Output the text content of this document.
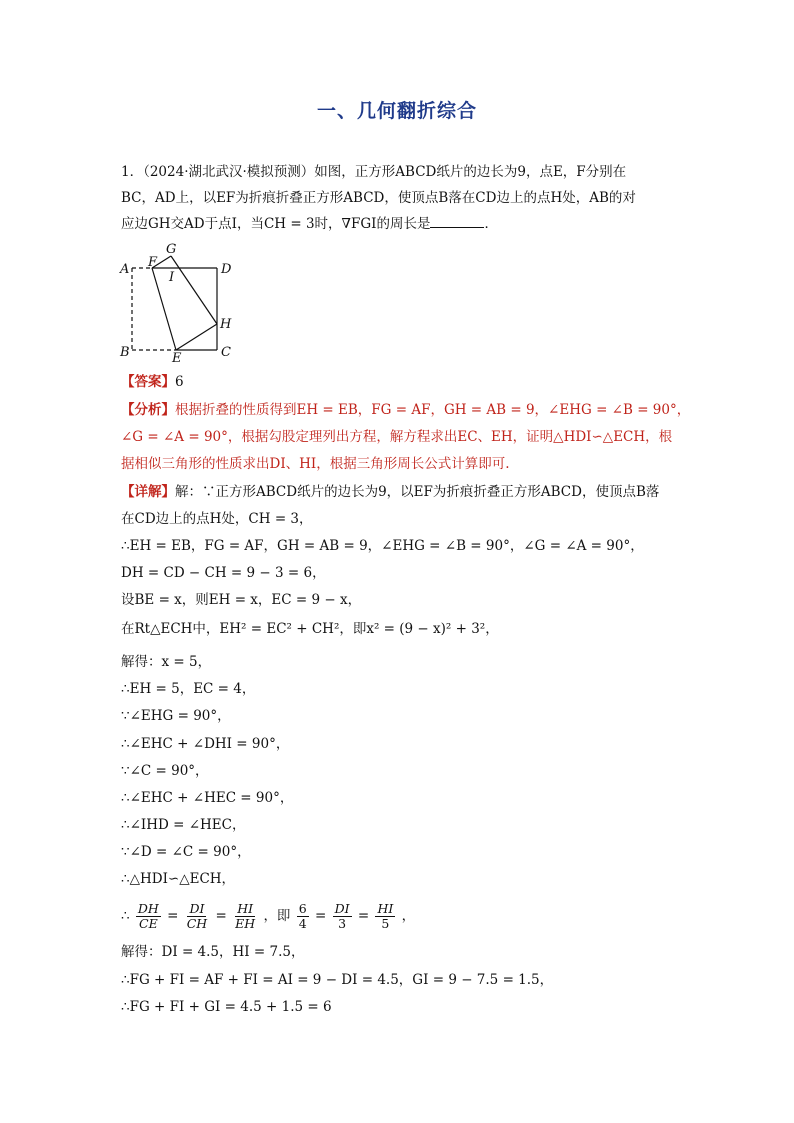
一、几何翻折综合
1．（2024·湖北武汉·模拟预测）如图，正方形ABCD纸片的边长为9，点E，F分别在
BC，AD上，以EF为折痕折叠正方形ABCD，使顶点B落在CD边上的点H处，AB的对
应边GH交AD于点I，当CH = 3时，∇FGI的周长是	．
A F
G
I
D
H
B	E	C
【答案】6
【分析】根据折叠的性质得到EH = EB，FG = AF，GH = AB = 9，∠EHG = ∠B = 90°，
∠G = ∠A = 90°，根据勾股定理列出方程，解方程求出EC、EH，证明△HDI∽△ECH，根
据相似三角形的性质求出DI、HI，根据三角形周长公式计算即可.
【详解】解：∵正方形ABCD纸片的边长为9，以EF为折痕折叠正方形ABCD，使顶点B落
在CD边上的点H处，CH = 3，
∴EH = EB，FG = AF，GH = AB = 9，∠EHG = ∠B = 90°，∠G = ∠A = 90°，
DH = CD − CH = 9 − 3 = 6，
设BE = x，则EH = x，EC = 9 − x，
在Rt△ECH中，EH² = EC² + CH²，即x² = (9 − x)² + 3²，
解得：x = 5，
∴EH = 5，EC = 4，
∵∠EHG = 90°，
∴∠EHC + ∠DHI = 90°，
∵∠C = 90°，
∴∠EHC + ∠HEC = 90°，
∴∠IHD = ∠HEC，
∵∠D = ∠C = 90°，
∴△HDI∽△ECH，
∴ $\frac{DH}{CE} = \frac{DI}{CH} = \frac{HI}{EH}$ ，即 $\frac{6}{4} = \frac{DI}{3} = \frac{HI}{5}$ ，
解得：DI = 4.5，HI = 7.5，
∴FG + FI = AF + FI = AI = 9 − DI = 4.5，GI = 9 − 7.5 = 1.5，
∴FG + FI + GI = 4.5 + 1.5 = 6
